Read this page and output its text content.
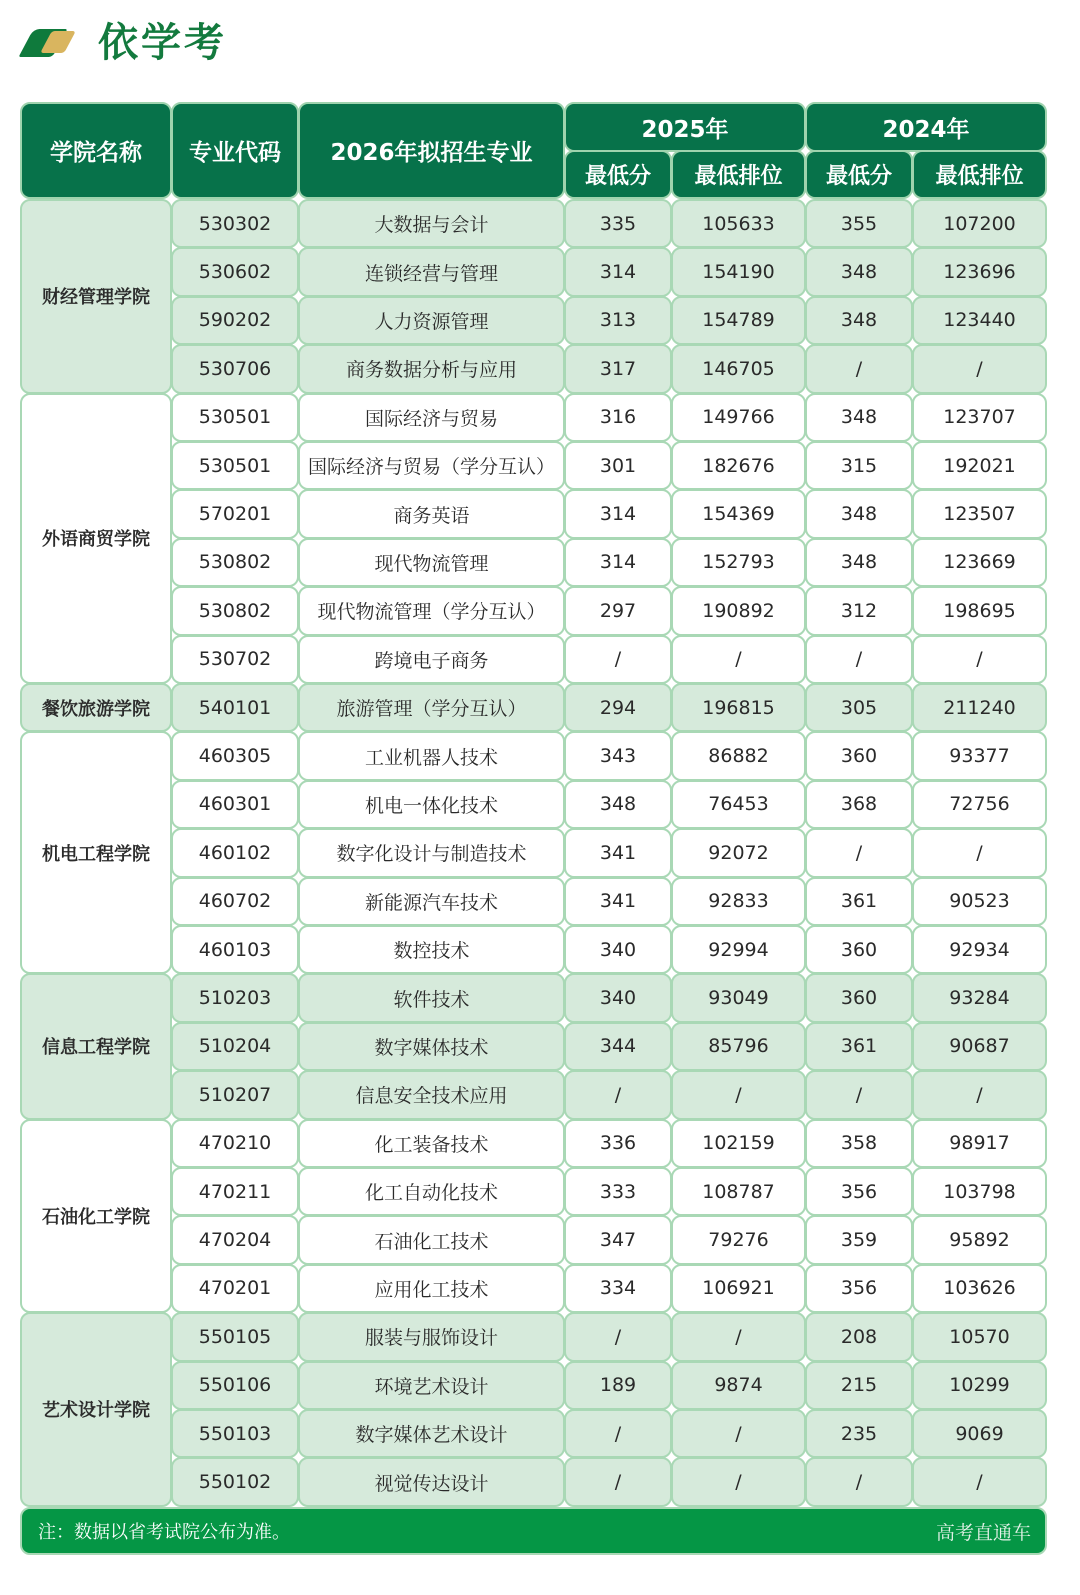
依学考
学院名称	专业代码	2026年拟招生专业
2025年	2024年
最低分	最低排位	最低分	最低排位
财经管理学院
530302	大数据与会计	335	105633	355	107200
530602	连锁经营与管理	314	154190	348	123696
590202	人力资源管理	313	154789	348	123440
530706	商务数据分析与应用	317	146705	/	/
外语商贸学院
530501	国际经济与贸易	316	149766	348	123707
530501	国际经济与贸易（学分互认）	301	182676	315	192021
570201	商务英语	314	154369	348	123507
530802	现代物流管理	314	152793	348	123669
530802	现代物流管理（学分互认）	297	190892	312	198695
530702	跨境电子商务	/	/	/	/
餐饮旅游学院	540101	旅游管理（学分互认）	294	196815	305	211240
机电工程学院
460305	工业机器人技术	343	86882	360	93377
460301	机电一体化技术	348	76453	368	72756
460102	数字化设计与制造技术	341	92072	/	/
460702	新能源汽车技术	341	92833	361	90523
460103	数控技术	340	92994	360	92934
信息工程学院
510203	软件技术	340	93049	360	93284
510204	数字媒体技术	344	85796	361	90687
510207	信息安全技术应用	/	/	/	/
石油化工学院
470210	化工装备技术	336	102159	358	98917
470211	化工自动化技术	333	108787	356	103798
470204	石油化工技术	347	79276	359	95892
470201	应用化工技术	334	106921	356	103626
艺术设计学院
550105	服装与服饰设计	/	/	208	10570
550106	环境艺术设计	189	9874	215	10299
550103	数字媒体艺术设计	/	/	235	9069
550102	视觉传达设计	/	/	/	/
注：数据以省考试院公布为准。	高考直通车
